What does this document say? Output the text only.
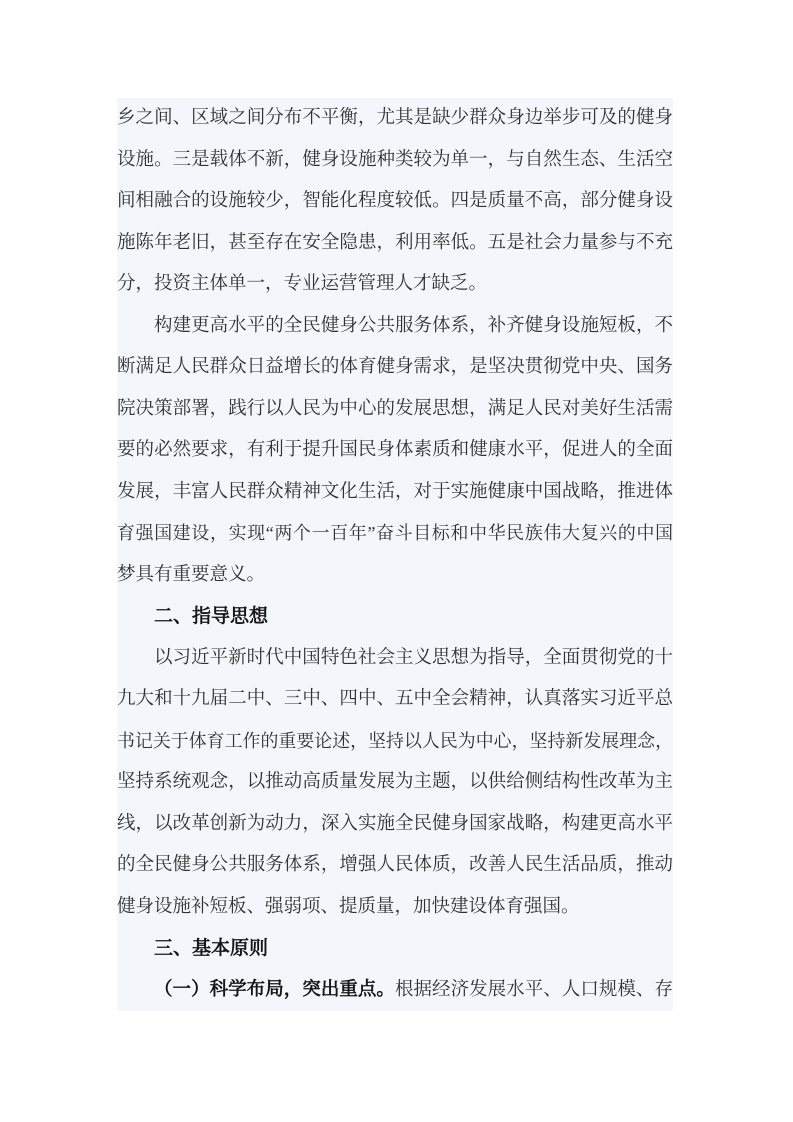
乡之间、区域之间分布不平衡，尤其是缺少群众身边举步可及的健身
设施。三是载体不新，健身设施种类较为单一，与自然生态、生活空
间相融合的设施较少，智能化程度较低。四是质量不高，部分健身设
施陈年老旧，甚至存在安全隐患，利用率低。五是社会力量参与不充
分，投资主体单一，专业运营管理人才缺乏。
构建更高水平的全民健身公共服务体系，补齐健身设施短板，不
断满足人民群众日益增长的体育健身需求，是坚决贯彻党中央、国务
院决策部署，践行以人民为中心的发展思想，满足人民对美好生活需
要的必然要求，有利于提升国民身体素质和健康水平，促进人的全面
发展，丰富人民群众精神文化生活，对于实施健康中国战略，推进体
育强国建设，实现“两个一百年”奋斗目标和中华民族伟大复兴的中国
梦具有重要意义。
二、指导思想
以习近平新时代中国特色社会主义思想为指导，全面贯彻党的十
九大和十九届二中、三中、四中、五中全会精神，认真落实习近平总
书记关于体育工作的重要论述，坚持以人民为中心，坚持新发展理念，
坚持系统观念，以推动高质量发展为主题，以供给侧结构性改革为主
线，以改革创新为动力，深入实施全民健身国家战略，构建更高水平
的全民健身公共服务体系，增强人民体质，改善人民生活品质，推动
健身设施补短板、强弱项、提质量，加快建设体育强国。
三、基本原则
（一）科学布局，突出重点。根据经济发展水平、人口规模、存
